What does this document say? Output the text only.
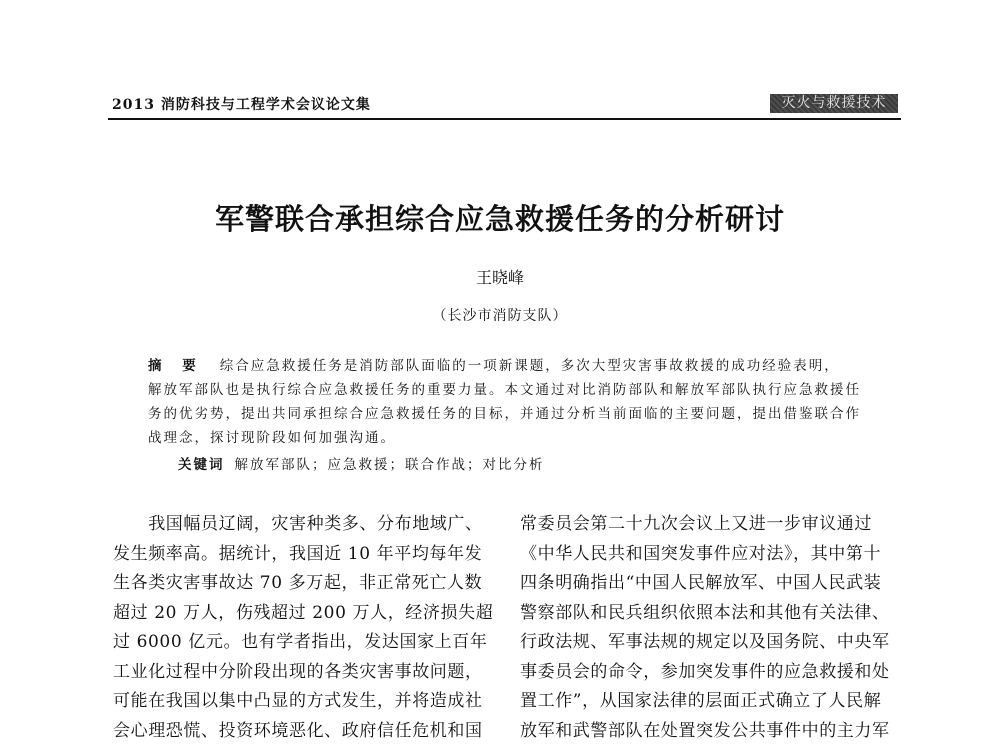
2013 消防科技与工程学术会议论文集	灭火与救援技术
军警联合承担综合应急救援任务的分析研讨
王晓峰
（长沙市消防支队）
摘 要 综合应急救援任务是消防部队面临的一项新课题，多次大型灾害事故救援的成功经验表明，
解放军部队也是执行综合应急救援任务的重要力量。本文通过对比消防部队和解放军部队执行应急救援任
务的优劣势，提出共同承担综合应急救援任务的目标，并通过分析当前面临的主要问题，提出借鉴联合作
战理念，探讨现阶段如何加强沟通。
关键词 解放军部队；应急救援；联合作战；对比分析
　　我国幅员辽阔，灾害种类多、分布地域广、
发生频率高。据统计，我国近 10 年平均每年发
生各类灾害事故达 70 多万起，非正常死亡人数
超过 20 万人，伤残超过 200 万人，经济损失超
过 6000 亿元。也有学者指出，发达国家上百年
工业化过程中分阶段出现的各类灾害事故问题，
可能在我国以集中凸显的方式发生，并将造成社
会心理恐慌、投资环境恶化、政府信任危机和国
常委员会第二十九次会议上又进一步审议通过
《中华人民共和国突发事件应对法》，其中第十
四条明确指出“中国人民解放军、中国人民武装
警察部队和民兵组织依照本法和其他有关法律、
行政法规、军事法规的规定以及国务院、中央军
事委员会的命令，参加突发事件的应急救援和处
置工作”，从国家法律的层面正式确立了人民解
放军和武警部队在处置突发公共事件中的主力军
